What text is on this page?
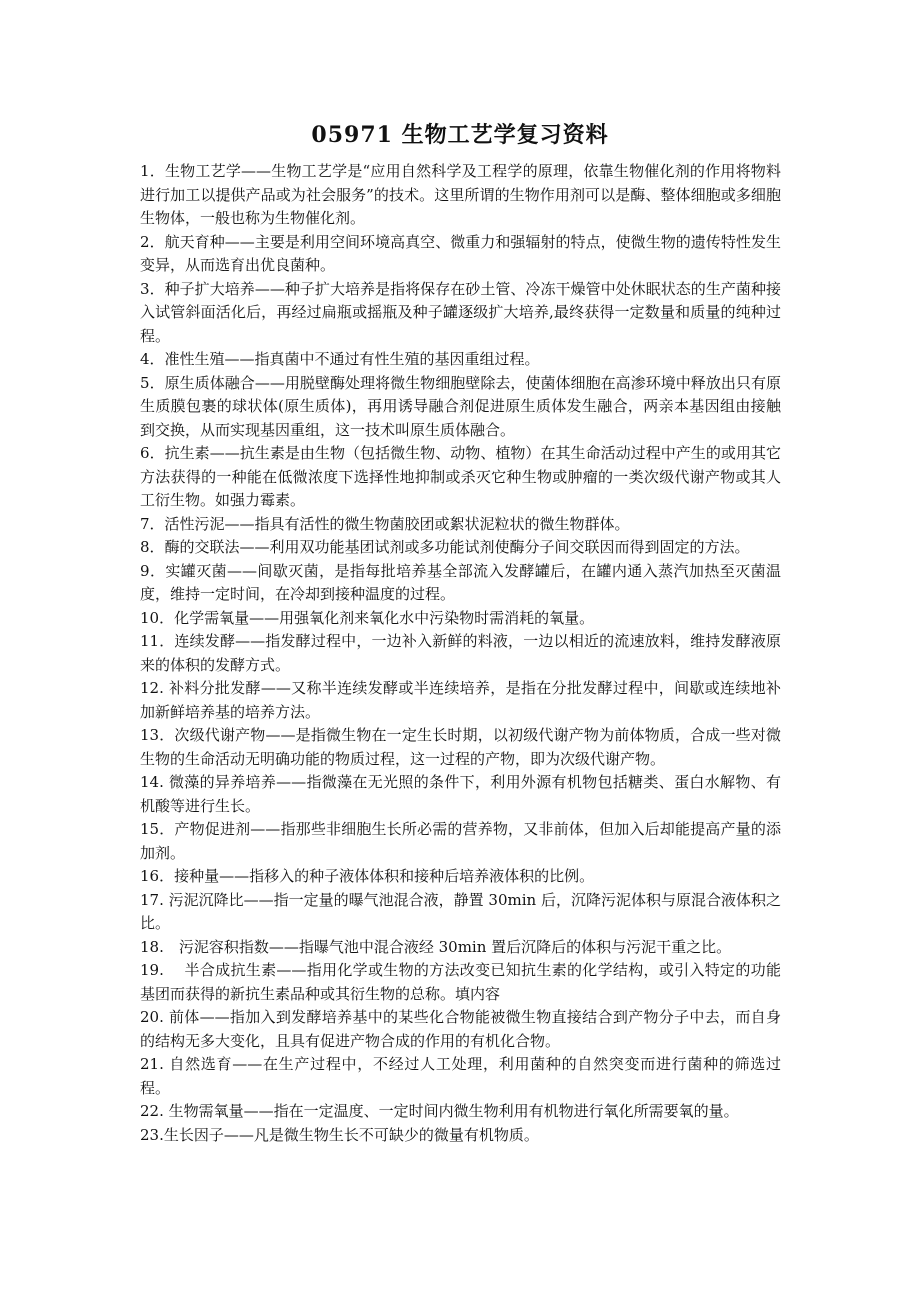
05971 生物工艺学复习资料

1．生物工艺学——生物工艺学是“应用自然科学及工程学的原理，依靠生物催化剂的作用将物料进行加工以提供产品或为社会服务”的技术。这里所谓的生物作用剂可以是酶、整体细胞或多细胞生物体，一般也称为生物催化剂。

2．航天育种——主要是利用空间环境高真空、微重力和强辐射的特点，使微生物的遗传特性发生变异，从而选育出优良菌种。

3．种子扩大培养——种子扩大培养是指将保存在砂土管、冷冻干燥管中处休眠状态的生产菌种接入试管斜面活化后，再经过扁瓶或摇瓶及种子罐逐级扩大培养,最终获得一定数量和质量的纯种过程。

4．准性生殖——指真菌中不通过有性生殖的基因重组过程。

5．原生质体融合——用脱壁酶处理将微生物细胞壁除去，使菌体细胞在高渗环境中释放出只有原生质膜包裹的球状体(原生质体)，再用诱导融合剂促进原生质体发生融合，两亲本基因组由接触到交换，从而实现基因重组，这一技术叫原生质体融合。

6．抗生素——抗生素是由生物（包括微生物、动物、植物）在其生命活动过程中产生的或用其它方法获得的一种能在低微浓度下选择性地抑制或杀灭它种生物或肿瘤的一类次级代谢产物或其人工衍生物。如强力霉素。

7．活性污泥——指具有活性的微生物菌胶团或絮状泥粒状的微生物群体。

8．酶的交联法——利用双功能基团试剂或多功能试剂使酶分子间交联因而得到固定的方法。

9．实罐灭菌——间歇灭菌，是指每批培养基全部流入发酵罐后，在罐内通入蒸汽加热至灭菌温度，维持一定时间，在冷却到接种温度的过程。

10．化学需氧量——用强氧化剂来氧化水中污染物时需消耗的氧量。

11．连续发酵——指发酵过程中，一边补入新鲜的料液，一边以相近的流速放料，维持发酵液原来的体积的发酵方式。

12. 补料分批发酵——又称半连续发酵或半连续培养，是指在分批发酵过程中，间歇或连续地补加新鲜培养基的培养方法。

13．次级代谢产物——是指微生物在一定生长时期，以初级代谢产物为前体物质，合成一些对微生物的生命活动无明确功能的物质过程，这一过程的产物，即为次级代谢产物。

14. 微藻的异养培养——指微藻在无光照的条件下，利用外源有机物包括糖类、蛋白水解物、有机酸等进行生长。

15．产物促进剂——指那些非细胞生长所必需的营养物，又非前体，但加入后却能提高产量的添加剂。

16．接种量——指移入的种子液体体积和接种后培养液体积的比例。

17. 污泥沉降比——指一定量的曝气池混合液，静置 30min 后，沉降污泥体积与原混合液体积之比。

18.　污泥容积指数——指曝气池中混合液经 30min 置后沉降后的体积与污泥干重之比。

19.　 半合成抗生素——指用化学或生物的方法改变已知抗生素的化学结构，或引入特定的功能基团而获得的新抗生素品种或其衍生物的总称。填内容

20. 前体——指加入到发酵培养基中的某些化合物能被微生物直接结合到产物分子中去，而自身的结构无多大变化，且具有促进产物合成的作用的有机化合物。

21. 自然选育——在生产过程中，不经过人工处理，利用菌种的自然突变而进行菌种的筛选过程。

22. 生物需氧量——指在一定温度、一定时间内微生物利用有机物进行氧化所需要氧的量。

23.生长因子——凡是微生物生长不可缺少的微量有机物质。
